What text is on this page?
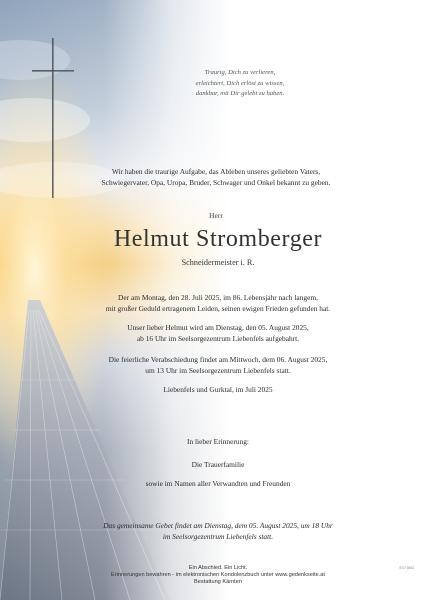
Traurig, Dich zu verlieren,
erleichtert, Dich erlöst zu wissen,
dankbar, mit Dir gelebt zu haben.
Wir haben die traurige Aufgabe, das Ableben unseres geliebten Vaters,
Schwiegervater, Opa, Uropa, Bruder, Schwager und Onkel bekannt zu geben.
Herr
Helmut Stromberger
Schneidermeister i. R.
Der am Montag, den 28. Juli 2025, im 86. Lebensjahr nach langem,
mit großer Geduld ertragenem Leiden, seinen ewigen Frieden gefunden hat.
Unser lieber Helmut wird am Dienstag, den 05. August 2025,
ab 16 Uhr im Seelsorgezentrum Liebenfels aufgebahrt.
Die feierliche Verabschiedung findet am Mittwoch, dem 06. August 2025,
um 13 Uhr im Seelsorgezentrum Liebenfels statt.
Liebenfels und Gurktal, im Juli 2025
In lieber Erinnerung:
Die Trauerfamilie
sowie im Namen aller Verwandten und Freunden
Das gemeinsame Gebet findet am Dienstag, dem 05. August 2025, um 18 Uhr
im Seelsorgezentrum Liebenfels statt.
Ein Abschied. Ein Licht.
Erinnerungen bewahren - im elektronischen Kondolenzbuch unter www.gedenkseite.at
Bestattung Kärnten
B 07 5563
